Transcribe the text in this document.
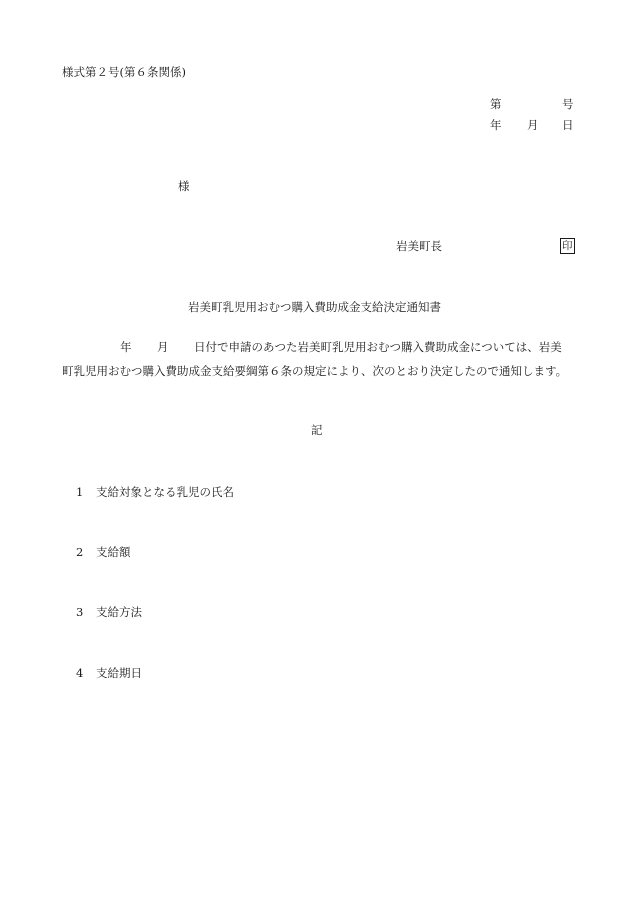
様式第２号(第６条関係)
第	号
年 月 日
様
岩美町長	印
岩美町乳児用おむつ購入費助成金支給決定通知書
年 月 日付で申請のあつた岩美町乳児用おむつ購入費助成金については、岩美
町乳児用おむつ購入費助成金支給要綱第６条の規定により、次のとおり決定したので通知します。
記
1 支給対象となる乳児の氏名
2 支給額
3 支給方法
4 支給期日
